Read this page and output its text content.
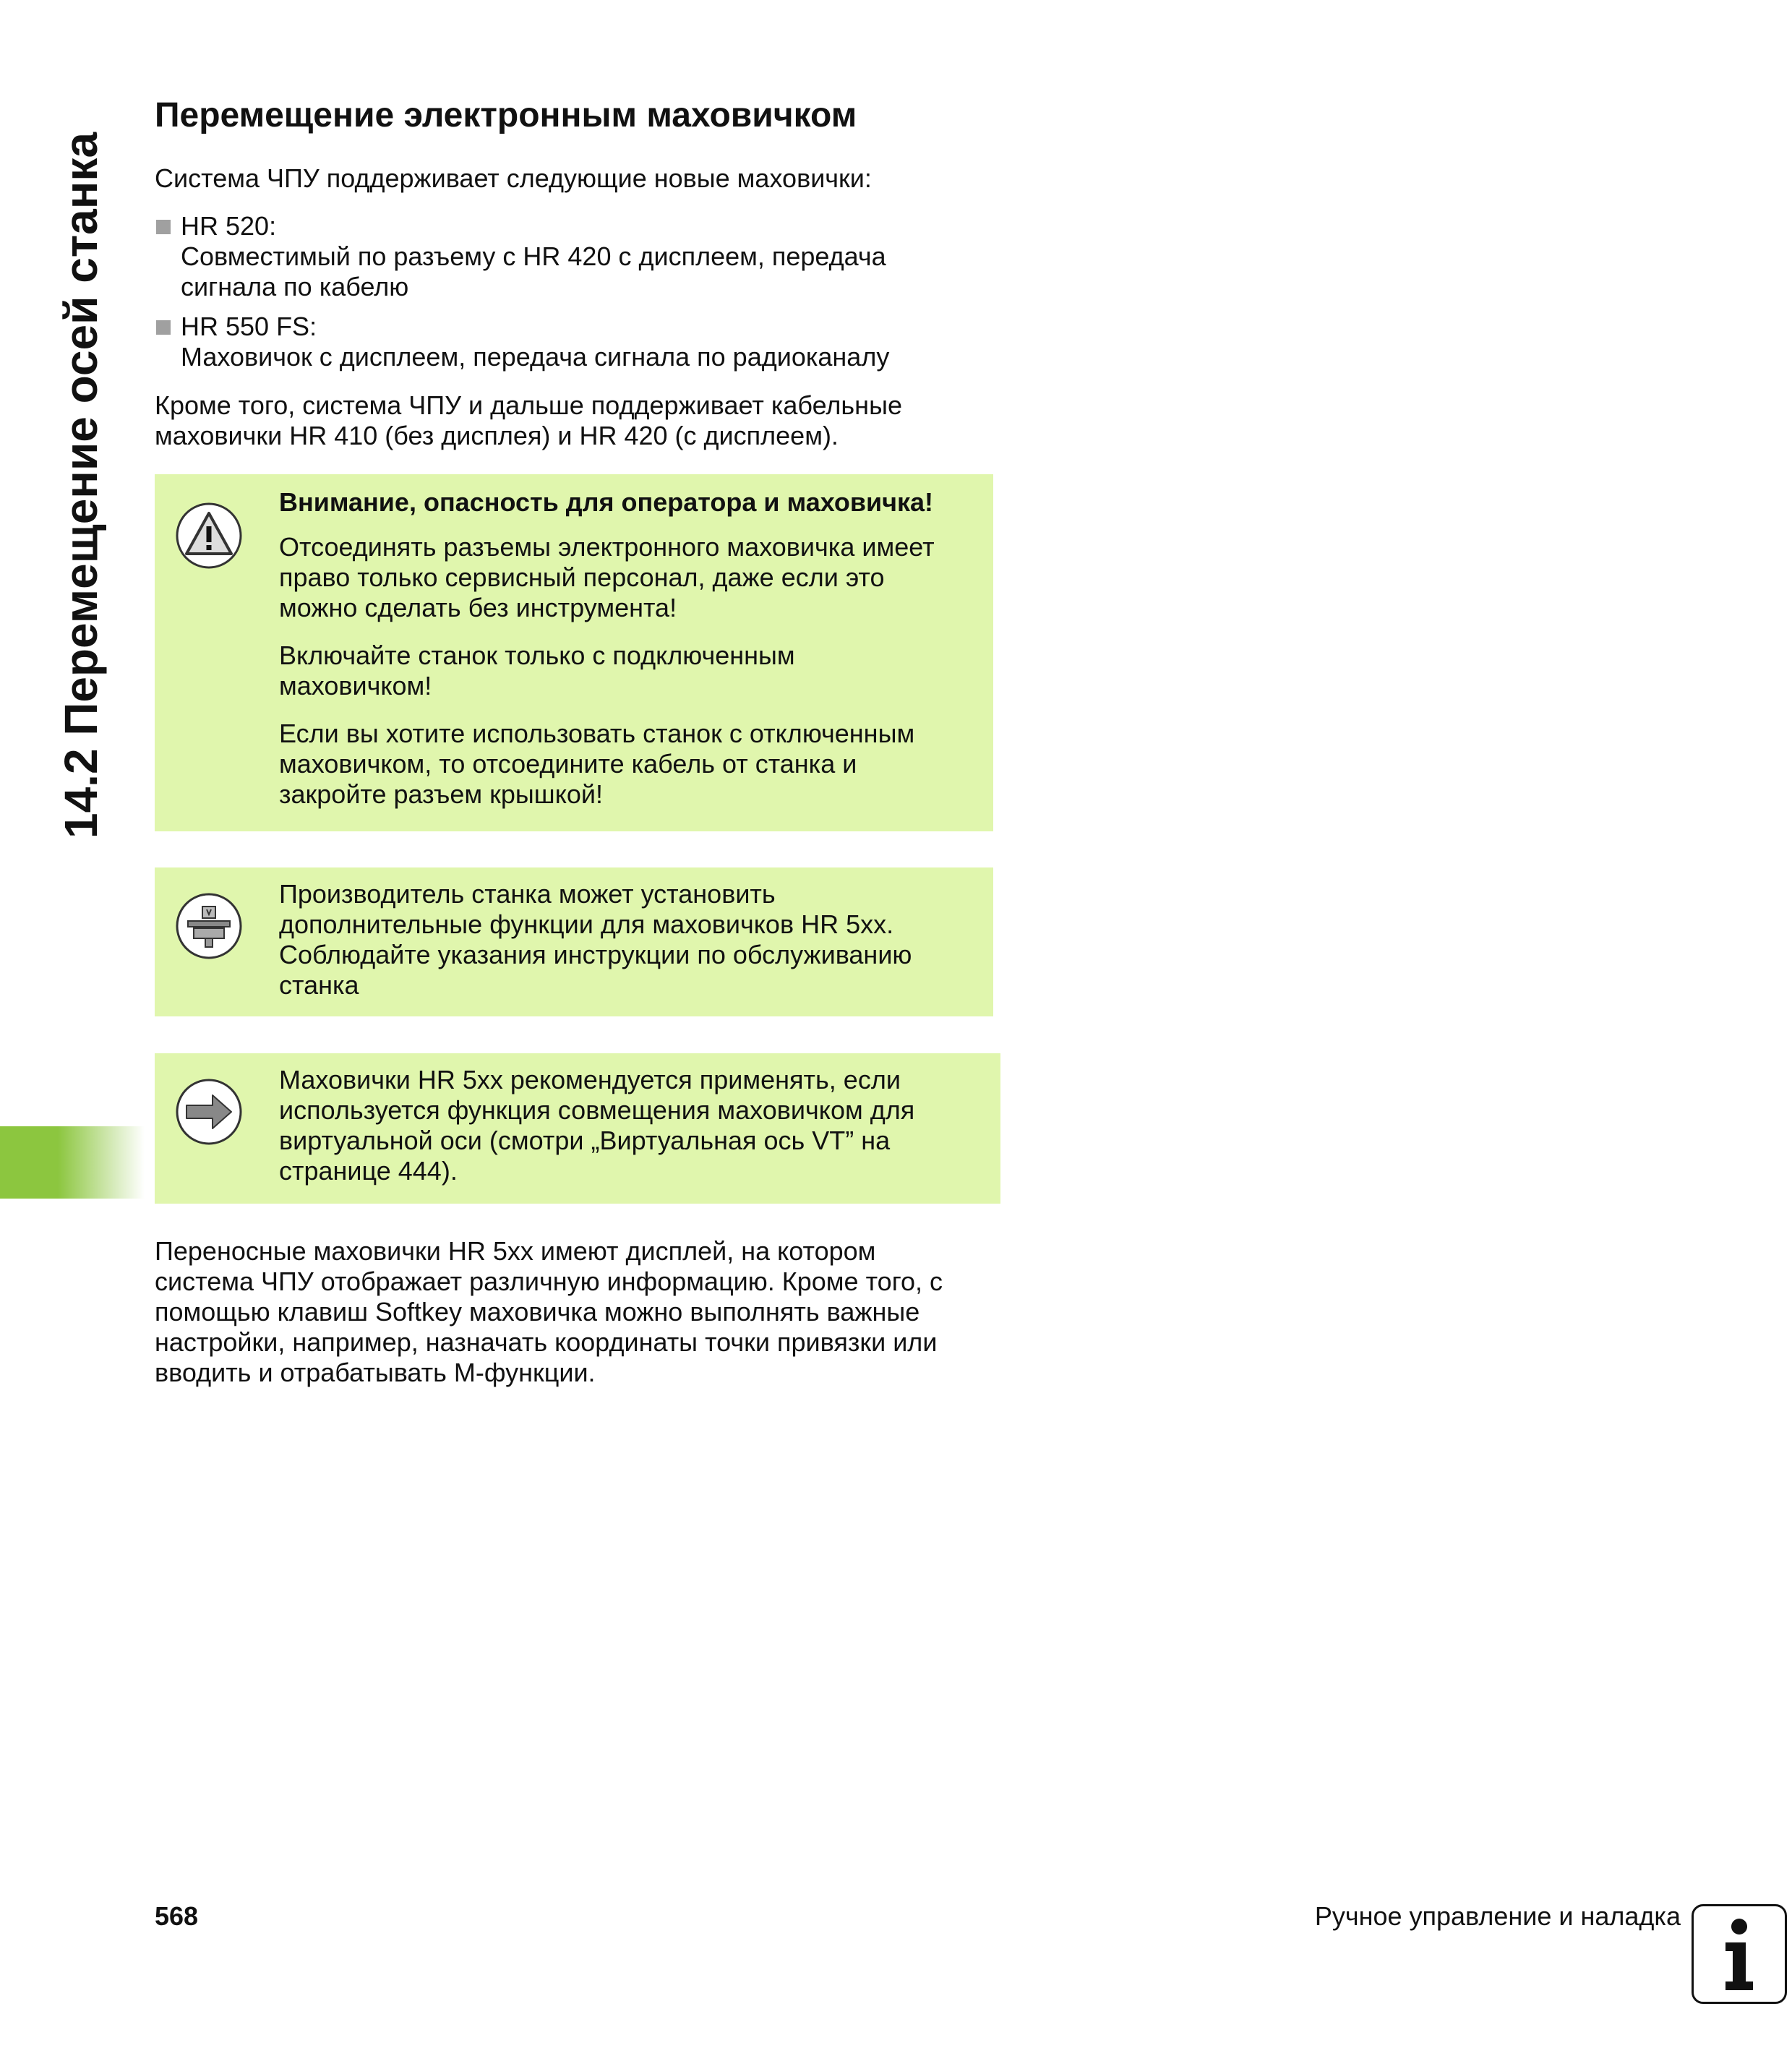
14.2 Перемещение осей станка
Перемещение электронным маховичком

Система ЧПУ поддерживает следующие новые маховички:

HR 520:
Совместимый по разъему с HR 420 с дисплеем, передача
сигнала по кабелю
HR 550 FS:
Маховичок с дисплеем, передача сигнала по радиоканалу
Кроме того, система ЧПУ и дальше поддерживает кабельные
маховички HR 410 (без дисплея) и HR 420 (с дисплеем).

Внимание, опасность для оператора и маховичка!

Отсоединять разъемы электронного маховичка имеет
право только сервисный персонал, даже если это
можно сделать без инструмента!

Включайте станок только с подключенным
маховичком!

Если вы хотите использовать станок с отключенным
маховичком, то отсоедините кабель от станка и
закройте разъем крышкой!

Производитель станка может установить
дополнительные функции для маховичков HR 5xx.
Соблюдайте указания инструкции по обслуживанию
станка
Маховички HR 5xx рекомендуется применять, если
используется функция совмещения маховичком для
виртуальной оси (смотри „Виртуальная ось VT” на
странице 444).
Переносные маховички HR 5xx имеют дисплей, на котором
система ЧПУ отображает различную информацию. Кроме того, с
помощью клавиш Softkey маховичка можно выполнять важные
настройки, например, назначать координаты точки привязки или
вводить и отрабатывать М-функции.
568	Ручное управление и наладка
